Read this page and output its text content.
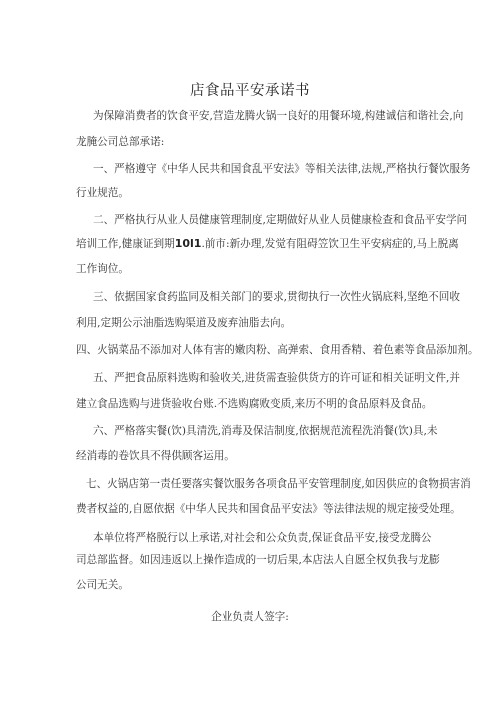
店食品平安承诺书
为保障消费者的饮食平安,营造龙腾火锅一良好的用餐环境,构建诚信和谐社会,向
龙腌公司总部承诺:
一、严格遵守《中华人民共和国食乱平安法》等相关法律,法规,严格执行餐饮服务
行业规范。
二、严格执行从业人员健康管理制度,定期做好从业人员健康检查和食品平安学问
培训工作,健康证到期10l1.前市:新办理,发觉有阻碍笠饮卫生平安病症的,马上脱离
工作询位。
三、依据国家食药监同及相关部门的要求,贯彻执行一次性火锅底料,坚绝不回收
利用,定期公示油脂选购渠道及废弃油脂去向。
四、火锅菜品不添加对人体有害的嫩肉粉、高弹索、食用香精、着色素等食品添加剂。
五、严把食品原料选购和验收关,进货需查验供货方的许可证和相关证明文件,并
建立食品选购与进货验收台账.不选购腐败变质,来历不明的食品原料及食品。
六、严格落实餐(饮)具清洗,消毒及保洁制度,依据规范流程洗消餐(饮)具,未
经消毒的卷饮具不得供顾客运用。
七、火锅店第一责任要落实餐饮服务各项食品平安管理制度,如因供应的食物损害消
费者权益的,自愿依据《中华人民共和国食品平安法》等法律法规的规定接受处理。
本单位将严格脱行以上承诺,对社会和公众负责,保证食品平安,接受龙腾公
司总部监督。如因违返以上操作造成的一切后果,本店法人自愿全权负我与龙膨
公司无关。
企业负责人签字:
